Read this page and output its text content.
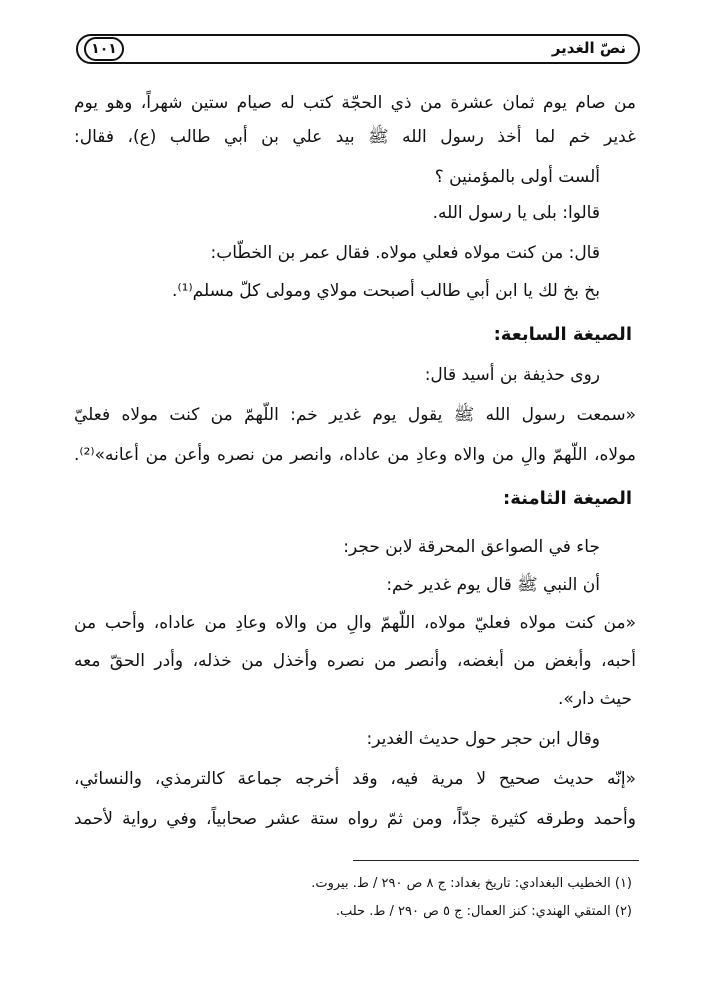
نصّ الغدير
١٠١
من صام يوم ثمان عشرة من ذي الحجّة كتب له صيام ستين شهراً، وهو يوم
غدير خم لما أخذ رسول الله ﷺ بيد علي بن أبي طالب (ع)، فقال:
ألست أولى بالمؤمنين ؟
قالوا: بلى يا رسول الله.
قال: من كنت مولاه فعلي مولاه. فقال عمر بن الخطّاب:
بخ بخ لك يا ابن أبي طالب أصبحت مولاي ومولى كلّ مسلم⁽¹⁾.
الصيغة السابعة:
روى حذيفة بن أسيد قال:
«سمعت رسول الله ﷺ يقول يوم غدير خم: اللّهمّ من كنت مولاه فعليّ
مولاه، اللّهمّ والِ من والاه وعادِ من عاداه، وانصر من نصره وأعن من أعانه»⁽²⁾.
الصيغة الثامنة:
جاء في الصواعق المحرقة لابن حجر:
أن النبي ﷺ قال يوم غدير خم:
«من كنت مولاه فعليّ مولاه، اللّهمّ والِ من والاه وعادِ من عاداه، وأحب من
أحبه، وأبغض من أبغضه، وأنصر من نصره وأخذل من خذله، وأدر الحقّ معه
حيث دار».
وقال ابن حجر حول حديث الغدير:
«إنّه حديث صحيح لا مرية فيه، وقد أخرجه جماعة كالترمذي، والنسائي،
وأحمد وطرقه كثيرة جدّاً، ومن ثمّ رواه ستة عشر صحابياً، وفي رواية لأحمد
(١) الخطيب البغدادي: تاريخ بغداد: ج ٨ ص ٢٩٠ / ط. بيروت.
(٢) المتقي الهندي: كنز العمال: ج ٥ ص ٢٩٠ / ط. حلب.
